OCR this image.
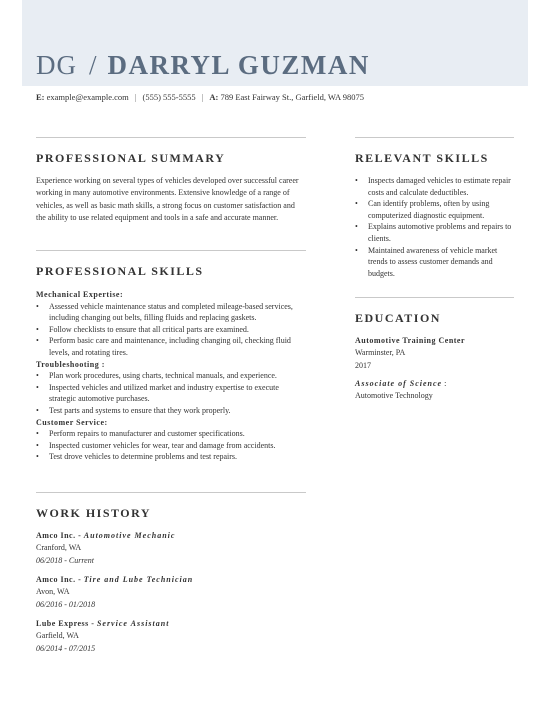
DG / DARRYL GUZMAN
E: example@example.com | (555) 555-5555 | A: 789 East Fairway St., Garfield, WA 98075
PROFESSIONAL SUMMARY
Experience working on several types of vehicles developed over successful career working in many automotive environments. Extensive knowledge of a range of vehicles, as well as basic math skills, a strong focus on customer satisfaction and the ability to use related equipment and tools in a safe and accurate manner.
PROFESSIONAL SKILLS
Mechanical Expertise:
• Assessed vehicle maintenance status and completed mileage-based services, including changing out belts, filling fluids and replacing gaskets.
• Follow checklists to ensure that all critical parts are examined.
• Perform basic care and maintenance, including changing oil, checking fluid levels, and rotating tires.
Troubleshooting :
• Plan work procedures, using charts, technical manuals, and experience.
• Inspected vehicles and utilized market and industry expertise to execute strategic automotive purchases.
• Test parts and systems to ensure that they work properly.
Customer Service:
• Perform repairs to manufacturer and customer specifications.
• Inspected customer vehicles for wear, tear and damage from accidents.
• Test drove vehicles to determine problems and test repairs.
WORK HISTORY
Amco Inc. - Automotive Mechanic
Cranford, WA
06/2018 - Current
Amco Inc. - Tire and Lube Technician
Avon, WA
06/2016 - 01/2018
Lube Express - Service Assistant
Garfield, WA
06/2014 - 07/2015
RELEVANT SKILLS
• Inspects damaged vehicles to estimate repair costs and calculate deductibles.
• Can identify problems, often by using computerized diagnostic equipment.
• Explains automotive problems and repairs to clients.
• Maintained awareness of vehicle market trends to assess customer demands and budgets.
EDUCATION
Automotive Training Center
Warminster, PA
2017
Associate of Science :
Automotive Technology
